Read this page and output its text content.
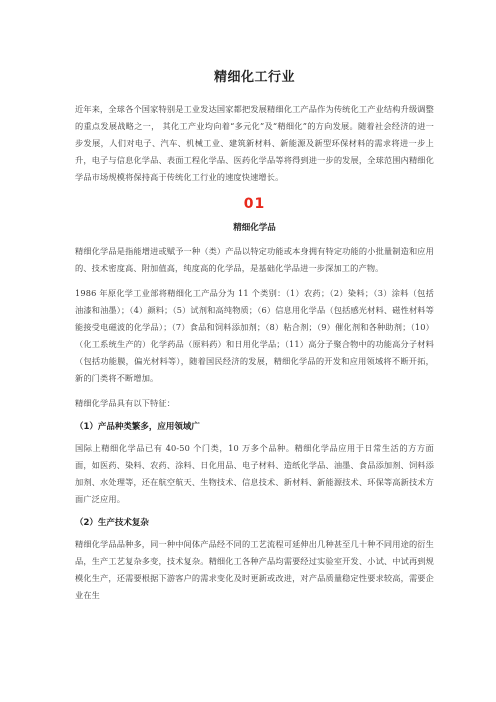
精细化工行业

近年来，全球各个国家特别是工业发达国家都把发展精细化工产品作为传统化工产业结构升级调整的重点发展战略之一， 其化工产业均向着“多元化”及“精细化”的方向发展。随着社会经济的进一步发展，人们对电子、汽车、机械工业、建筑新材料、新能源及新型环保材料的需求将进一步上升，电子与信息化学品、表面工程化学品、医药化学品等将得到进一步的发展，全球范围内精细化学品市场规模将保持高于传统化工行业的速度快速增长。

01
精细化学品

精细化学品是指能增进或赋予一种（类）产品以特定功能或本身拥有特定功能的小批量制造和应用的、技术密度高、附加值高，纯度高的化学品，是基础化学品进一步深加工的产物。

1986 年原化学工业部将精细化工产品分为 11 个类别：（1）农药；（2）染料；（3）涂料（包括油漆和油墨）；（4）颜料；（5）试剂和高纯物质；（6）信息用化学品（包括感光材料、磁性材料等能接受电磁波的化学品）；（7）食品和饲料添加剂；（8）粘合剂；（9）催化剂和各种助剂；（10）（化工系统生产的）化学药品（原料药）和日用化学品；（11）高分子聚合物中的功能高分子材料（包括功能膜，偏光材料等），随着国民经济的发展，精细化学品的开发和应用领域将不断开拓，新的门类将不断增加。

精细化学品具有以下特征：

（1）产品种类繁多，应用领域广

国际上精细化学品已有 40-50 个门类，10 万多个品种。精细化学品应用于日常生活的方方面面，如医药、染料、农药、涂料、日化用品、电子材料、造纸化学品、油墨、食品添加剂、饲料添加剂、水处理等，还在航空航天、生物技术、信息技术、新材料、新能源技术、环保等高新技术方面广泛应用。

（2）生产技术复杂

精细化学品品种多，同一种中间体产品经不同的工艺流程可延伸出几种甚至几十种不同用途的衍生品，生产工艺复杂多变，技术复杂。精细化工各种产品均需要经过实验室开发、小试、中试再到规模化生产，还需要根据下游客户的需求变化及时更新或改进，对产品质量稳定性要求较高，需要企业在生
